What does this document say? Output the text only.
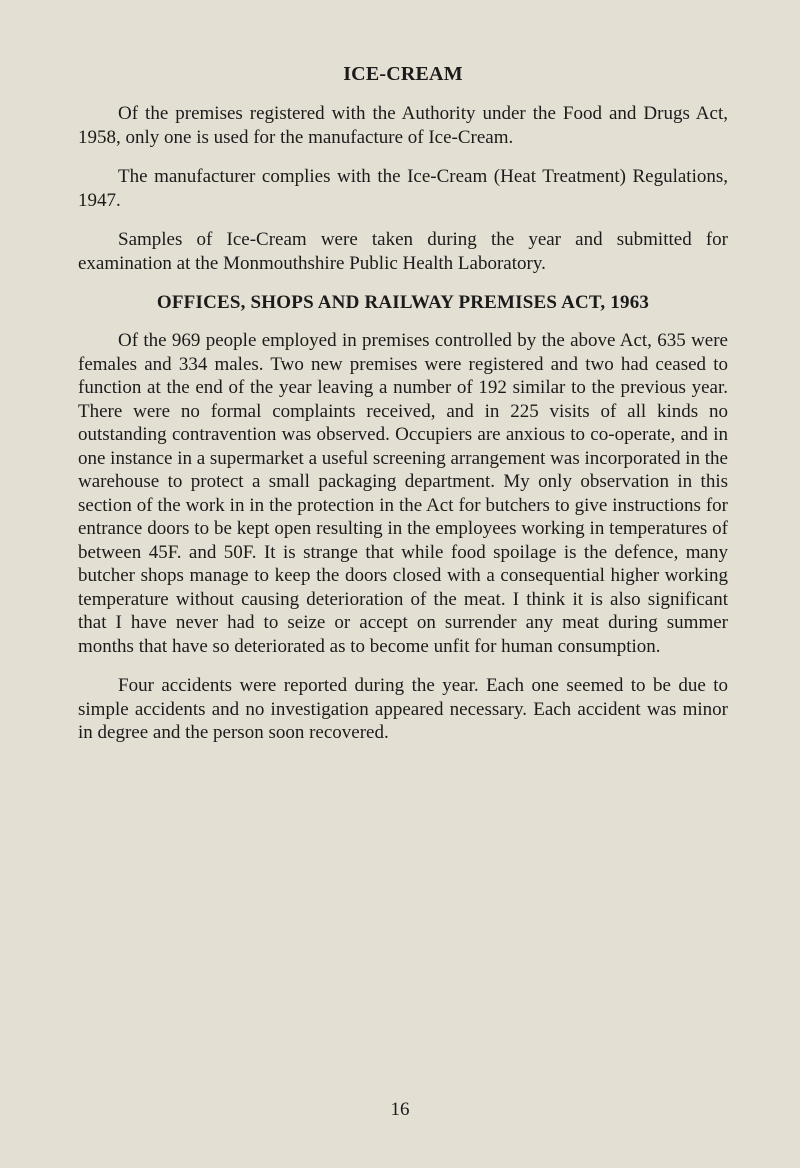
ICE-CREAM

Of the premises registered with the Authority under the Food and Drugs Act, 1958, only one is used for the manufacture of Ice-Cream.

The manufacturer complies with the Ice-Cream (Heat Treatment) Regulations, 1947.

Samples of Ice-Cream were taken during the year and submitted for examination at the Monmouthshire Public Health Laboratory.

OFFICES, SHOPS AND RAILWAY PREMISES ACT, 1963

Of the 969 people employed in premises controlled by the above Act, 635 were females and 334 males. Two new premises were registered and two had ceased to function at the end of the year leaving a number of 192 similar to the previous year. There were no formal complaints received, and in 225 visits of all kinds no outstanding contravention was observed. Occupiers are anxious to co-operate, and in one instance in a supermarket a useful screening arrangement was incorporated in the warehouse to protect a small packaging department. My only observation in this section of the work in in the protection in the Act for butchers to give instructions for entrance doors to be kept open resulting in the employees working in temperatures of between 45F. and 50F. It is strange that while food spoilage is the defence, many butcher shops manage to keep the doors closed with a consequential higher working temperature without causing deterioration of the meat. I think it is also significant that I have never had to seize or accept on surrender any meat during summer months that have so deteriorated as to become unfit for human consumption.

Four accidents were reported during the year. Each one seemed to be due to simple accidents and no investigation appeared necessary. Each accident was minor in degree and the person soon recovered.

16
